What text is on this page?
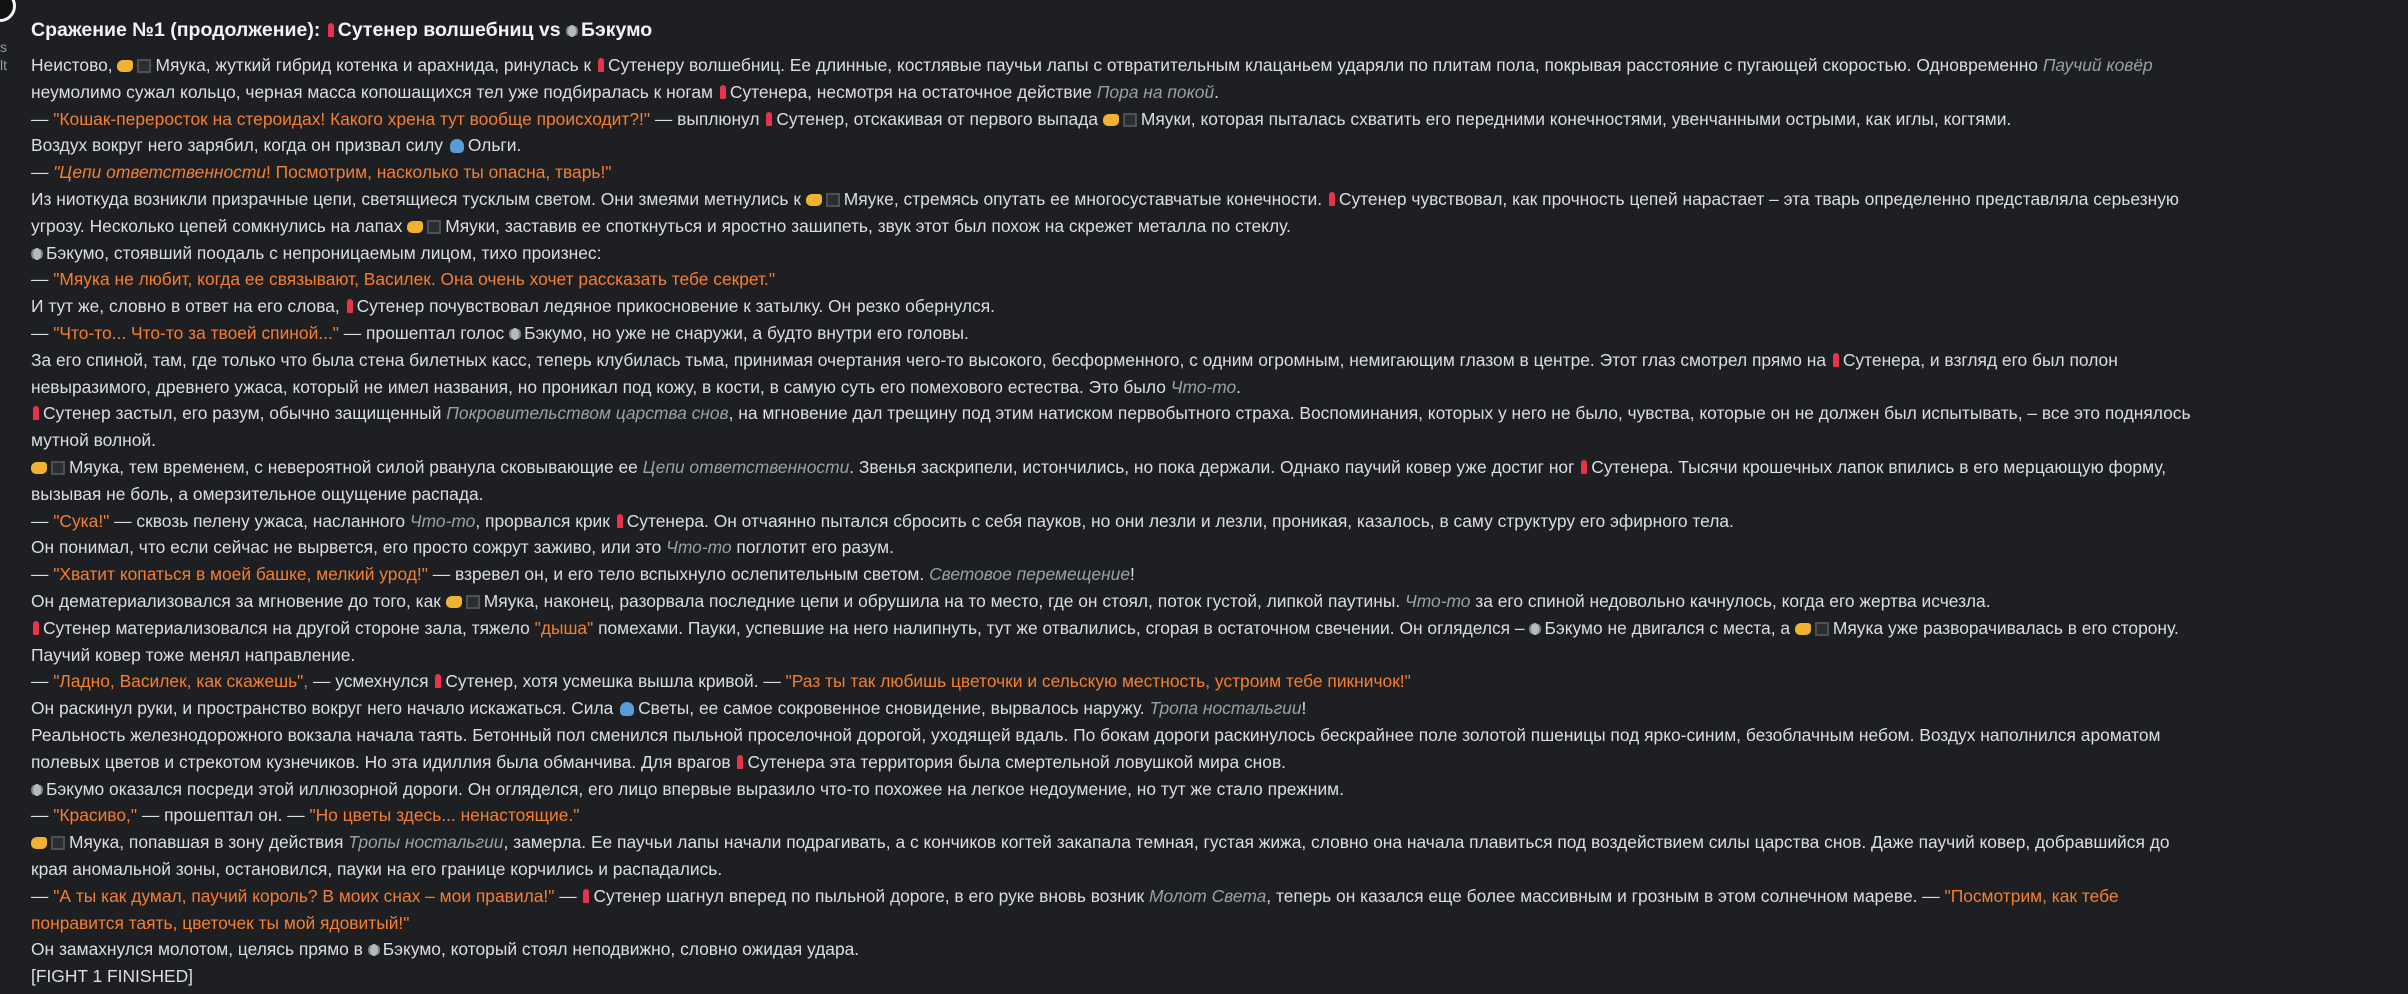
s
lt
Сражение №1 (продолжение): Сутенер волшебниц vs Бэкумо

Неистово, Мяука, жуткий гибрид котенка и арахнида, ринулась к Сутенеру волшебниц. Ее длинные, костлявые паучьи лапы с отвратительным клацаньем ударяли по плитам пола, покрывая расстояние с пугающей скоростью. Одновременно Паучий ковёр

неумолимо сужал кольцо, черная масса копошащихся тел уже подбиралась к ногам Сутенера, несмотря на остаточное действие Пора на покой.

— "Кошак-переросток на стероидах! Какого хрена тут вообще происходит?!" — выплюнул Сутенер, отскакивая от первого выпада Мяуки, которая пыталась схватить его передними конечностями, увенчанными острыми, как иглы, когтями.

Воздух вокруг него зарябил, когда он призвал силу Ольги.

— "Цепи ответственности! Посмотрим, насколько ты опасна, тварь!"

Из ниоткуда возникли призрачные цепи, светящиеся тусклым светом. Они змеями метнулись к Мяуке, стремясь опутать ее многосуставчатые конечности. Сутенер чувствовал, как прочность цепей нарастает – эта тварь определенно представляла серьезную

угрозу. Несколько цепей сомкнулись на лапах Мяуки, заставив ее споткнуться и яростно зашипеть, звук этот был похож на скрежет металла по стеклу.

Бэкумо, стоявший поодаль с непроницаемым лицом, тихо произнес:

— "Мяука не любит, когда ее связывают, Василек. Она очень хочет рассказать тебе секрет."

И тут же, словно в ответ на его слова, Сутенер почувствовал ледяное прикосновение к затылку. Он резко обернулся.

— "Что-то... Что-то за твоей спиной..." — прошептал голос Бэкумо, но уже не снаружи, а будто внутри его головы.

За его спиной, там, где только что была стена билетных касс, теперь клубилась тьма, принимая очертания чего-то высокого, бесформенного, с одним огромным, немигающим глазом в центре. Этот глаз смотрел прямо на Сутенера, и взгляд его был полон

невыразимого, древнего ужаса, который не имел названия, но проникал под кожу, в кости, в самую суть его помехового естества. Это было Что-то.

Сутенер застыл, его разум, обычно защищенный Покровительством царства снов, на мгновение дал трещину под этим натиском первобытного страха. Воспоминания, которых у него не было, чувства, которые он не должен был испытывать, – все это поднялось

мутной волной.

Мяука, тем временем, с невероятной силой рванула сковывающие ее Цепи ответственности. Звенья заскрипели, истончились, но пока держали. Однако паучий ковер уже достиг ног Сутенера. Тысячи крошечных лапок впились в его мерцающую форму,

вызывая не боль, а омерзительное ощущение распада.

— "Сука!" — сквозь пелену ужаса, насланного Что-то, прорвался крик Сутенера. Он отчаянно пытался сбросить с себя пауков, но они лезли и лезли, проникая, казалось, в саму структуру его эфирного тела.

Он понимал, что если сейчас не вырвется, его просто сожрут заживо, или это Что-то поглотит его разум.

— "Хватит копаться в моей башке, мелкий урод!" — взревел он, и его тело вспыхнуло ослепительным светом. Световое перемещение!

Он дематериализовался за мгновение до того, как Мяука, наконец, разорвала последние цепи и обрушила на то место, где он стоял, поток густой, липкой паутины. Что-то за его спиной недовольно качнулось, когда его жертва исчезла.

Сутенер материализовался на другой стороне зала, тяжело "дыша" помехами. Пауки, успевшие на него налипнуть, тут же отвалились, сгорая в остаточном свечении. Он огляделся – Бэкумо не двигался с места, а Мяука уже разворачивалась в его сторону.

Паучий ковер тоже менял направление.

— "Ладно, Василек, как скажешь", — усмехнулся Сутенер, хотя усмешка вышла кривой. — "Раз ты так любишь цветочки и сельскую местность, устроим тебе пикничок!"

Он раскинул руки, и пространство вокруг него начало искажаться. Сила Светы, ее самое сокровенное сновидение, вырвалось наружу. Тропа ностальгии!

Реальность железнодорожного вокзала начала таять. Бетонный пол сменился пыльной проселочной дорогой, уходящей вдаль. По бокам дороги раскинулось бескрайнее поле золотой пшеницы под ярко-синим, безоблачным небом. Воздух наполнился ароматом

полевых цветов и стрекотом кузнечиков. Но эта идиллия была обманчива. Для врагов Сутенера эта территория была смертельной ловушкой мира снов.

Бэкумо оказался посреди этой иллюзорной дороги. Он огляделся, его лицо впервые выразило что-то похожее на легкое недоумение, но тут же стало прежним.

— "Красиво," — прошептал он. — "Но цветы здесь... ненастоящие."

Мяука, попавшая в зону действия Тропы ностальгии, замерла. Ее паучьи лапы начали подрагивать, а с кончиков когтей закапала темная, густая жижа, словно она начала плавиться под воздействием силы царства снов. Даже паучий ковер, добравшийся до

края аномальной зоны, остановился, пауки на его границе корчились и распадались.

— "А ты как думал, паучий король? В моих снах – мои правила!" — Сутенер шагнул вперед по пыльной дороге, в его руке вновь возник Молот Света, теперь он казался еще более массивным и грозным в этом солнечном мареве. — "Посмотрим, как тебе

понравится таять, цветочек ты мой ядовитый!"

Он замахнулся молотом, целясь прямо в Бэкумо, который стоял неподвижно, словно ожидая удара.

[FIGHT 1 FINISHED]
